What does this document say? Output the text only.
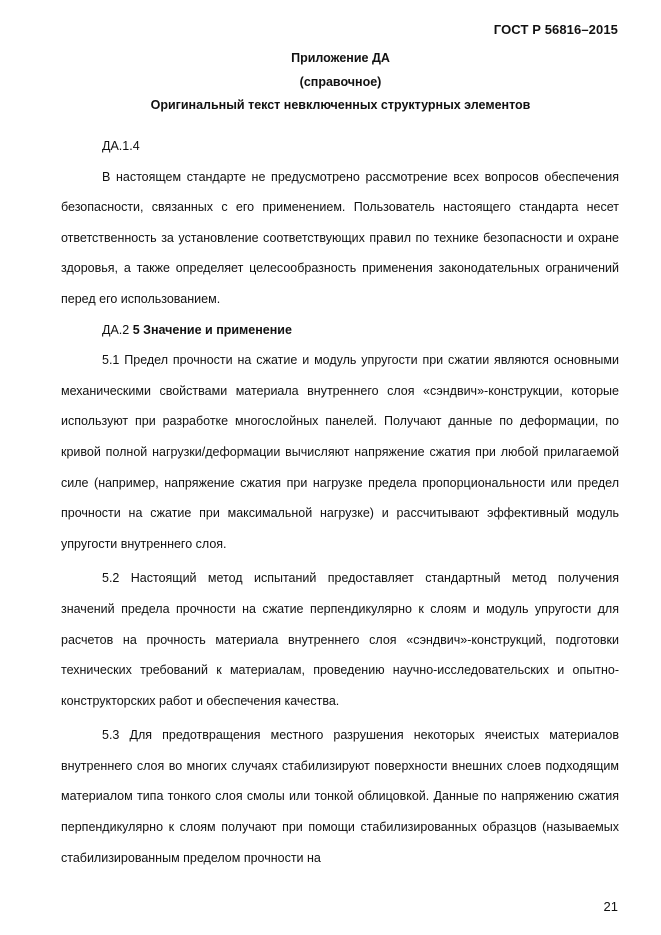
ГОСТ Р 56816–2015
Приложение ДА
(справочное)
Оригинальный текст невключенных структурных элементов

ДА.1.4

В настоящем стандарте не предусмотрено рассмотрение всех вопросов обеспечения безопасности, связанных с его применением. Пользователь настоящего стандарта несет ответственность за установление соответствующих правил по технике безопасности и охране здоровья, а также определяет целесообразность применения законодательных ограничений перед его использованием.

ДА.2 5 Значение и применение

5.1 Предел прочности на сжатие и модуль упругости при сжатии являются основными механическими свойствами материала внутреннего слоя «сэндвич»-конструкции, которые используют при разработке многослойных панелей. Получают данные по деформации, по кривой полной нагрузки/деформации вычисляют напряжение сжатия при любой прилагаемой силе (например, напряжение сжатия при нагрузке предела пропорциональности или предел прочности на сжатие при максимальной нагрузке) и рассчитывают эффективный модуль упругости внутреннего слоя.

5.2 Настоящий метод испытаний предоставляет стандартный метод получения значений предела прочности на сжатие перпендикулярно к слоям и модуль упругости для расчетов на прочность материала внутреннего слоя «сэндвич»-конструкций, подготовки технических требований к материалам, проведению научно-исследовательских и опытно-конструкторских работ и обеспечения качества.

5.3 Для предотвращения местного разрушения некоторых ячеистых материалов внутреннего слоя во многих случаях стабилизируют поверхности внешних слоев подходящим материалом типа тонкого слоя смолы или тонкой облицовкой. Данные по напряжению сжатия перпендикулярно к слоям получают при помощи стабилизированных образцов (называемых стабилизированным пределом прочности на

21
